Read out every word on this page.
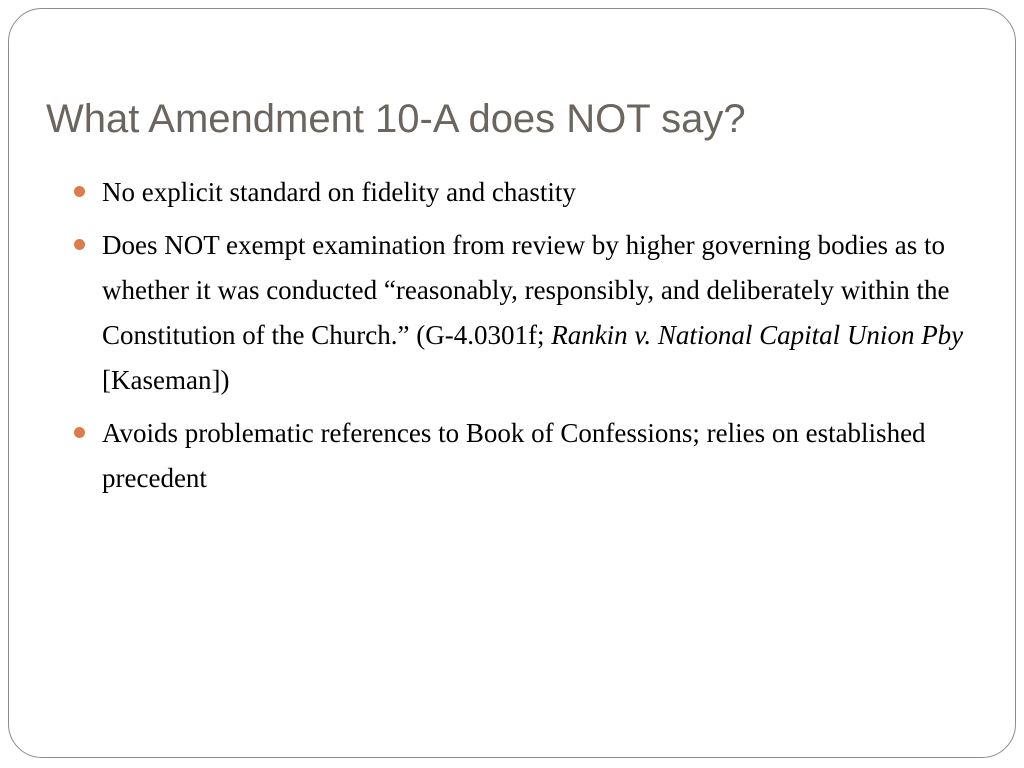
What Amendment 10-A does NOT say?
No explicit standard on fidelity and chastity
Does NOT exempt examination from review by higher governing bodies as to whether it was conducted “reasonably, responsibly, and deliberately within the Constitution of the Church.” (G-4.0301f; Rankin v. National Capital Union Pby [Kaseman])
Avoids problematic references to Book of Confessions; relies on established precedent
